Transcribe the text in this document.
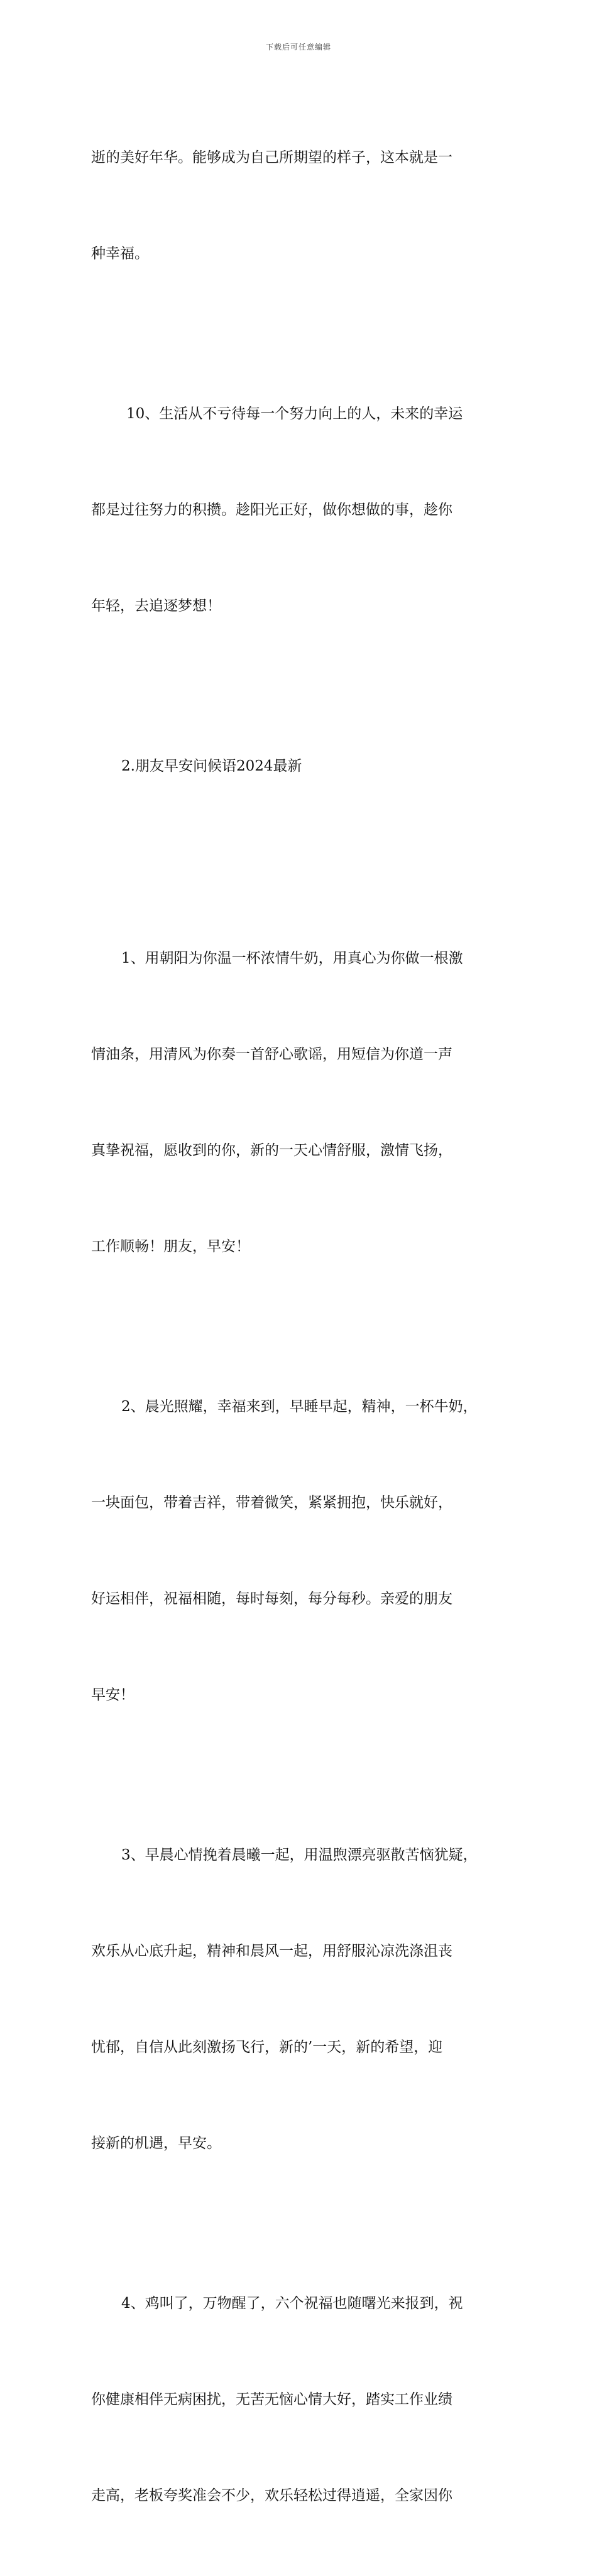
下载后可任意编辑

逝的美好年华。能够成为自己所期望的样子，这本就是一

种幸福。

10、生活从不亏待每一个努力向上的人，未来的幸运

都是过往努力的积攒。趁阳光正好，做你想做的事，趁你

年轻，去追逐梦想！

2.朋友早安问候语2024最新

1、用朝阳为你温一杯浓情牛奶，用真心为你做一根激

情油条，用清风为你奏一首舒心歌谣，用短信为你道一声

真挚祝福，愿收到的你，新的一天心情舒服，激情飞扬，

工作顺畅！朋友，早安！

2、晨光照耀，幸福来到，早睡早起，精神，一杯牛奶，

一块面包，带着吉祥，带着微笑，紧紧拥抱，快乐就好，

好运相伴，祝福相随，每时每刻，每分每秒。亲爱的朋友

早安！

3、早晨心情挽着晨曦一起，用温煦漂亮驱散苦恼犹疑，

欢乐从心底升起，精神和晨风一起，用舒服沁凉洗涤沮丧

忧郁，自信从此刻激扬飞行，新的’一天，新的希望，迎

接新的机遇，早安。

4、鸡叫了，万物醒了，六个祝福也随曙光来报到，祝

你健康相伴无病困扰，无苦无恼心情大好，踏实工作业绩

走高，老板夸奖准会不少，欢乐轻松过得逍遥，全家因你
